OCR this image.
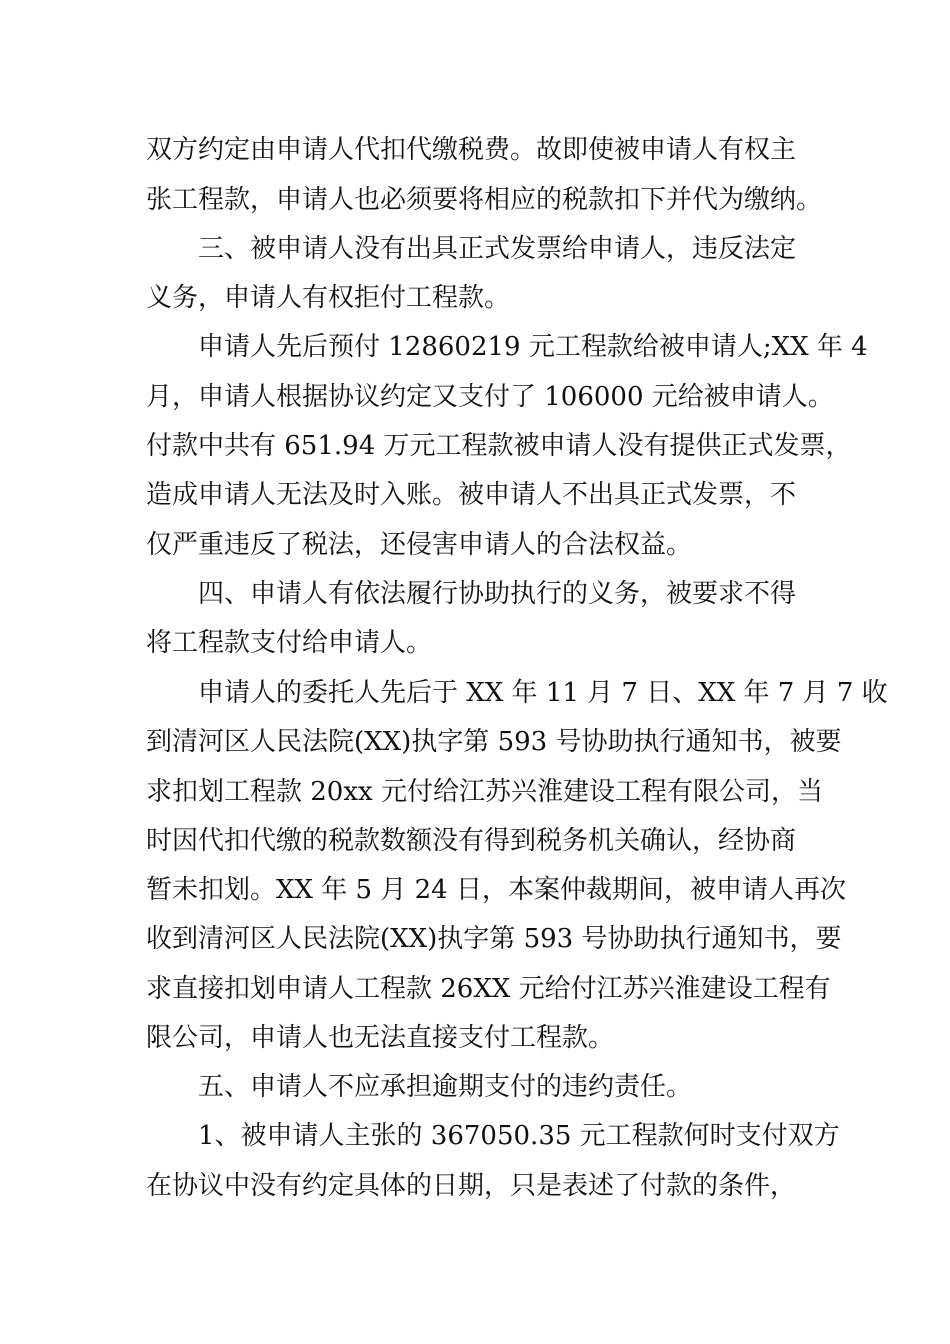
双方约定由申请人代扣代缴税费。故即使被申请人有权主
张工程款，申请人也必须要将相应的税款扣下并代为缴纳。
三、被申请人没有出具正式发票给申请人，违反法定
义务，申请人有权拒付工程款。
申请人先后预付 12860219 元工程款给被申请人;XX 年 4
月，申请人根据协议约定又支付了 106000 元给被申请人。
付款中共有 651.94 万元工程款被申请人没有提供正式发票，
造成申请人无法及时入账。被申请人不出具正式发票，不
仅严重违反了税法，还侵害申请人的合法权益。
四、申请人有依法履行协助执行的义务，被要求不得
将工程款支付给申请人。
申请人的委托人先后于 XX 年 11 月 7 日、XX 年 7 月 7 收
到清河区人民法院(XX)执字第 593 号协助执行通知书，被要
求扣划工程款 20xx 元付给江苏兴淮建设工程有限公司，当
时因代扣代缴的税款数额没有得到税务机关确认，经协商
暂未扣划。XX 年 5 月 24 日，本案仲裁期间，被申请人再次
收到清河区人民法院(XX)执字第 593 号协助执行通知书，要
求直接扣划申请人工程款 26XX 元给付江苏兴淮建设工程有
限公司，申请人也无法直接支付工程款。
五、申请人不应承担逾期支付的违约责任。
1、被申请人主张的 367050.35 元工程款何时支付双方
在协议中没有约定具体的日期，只是表述了付款的条件，
